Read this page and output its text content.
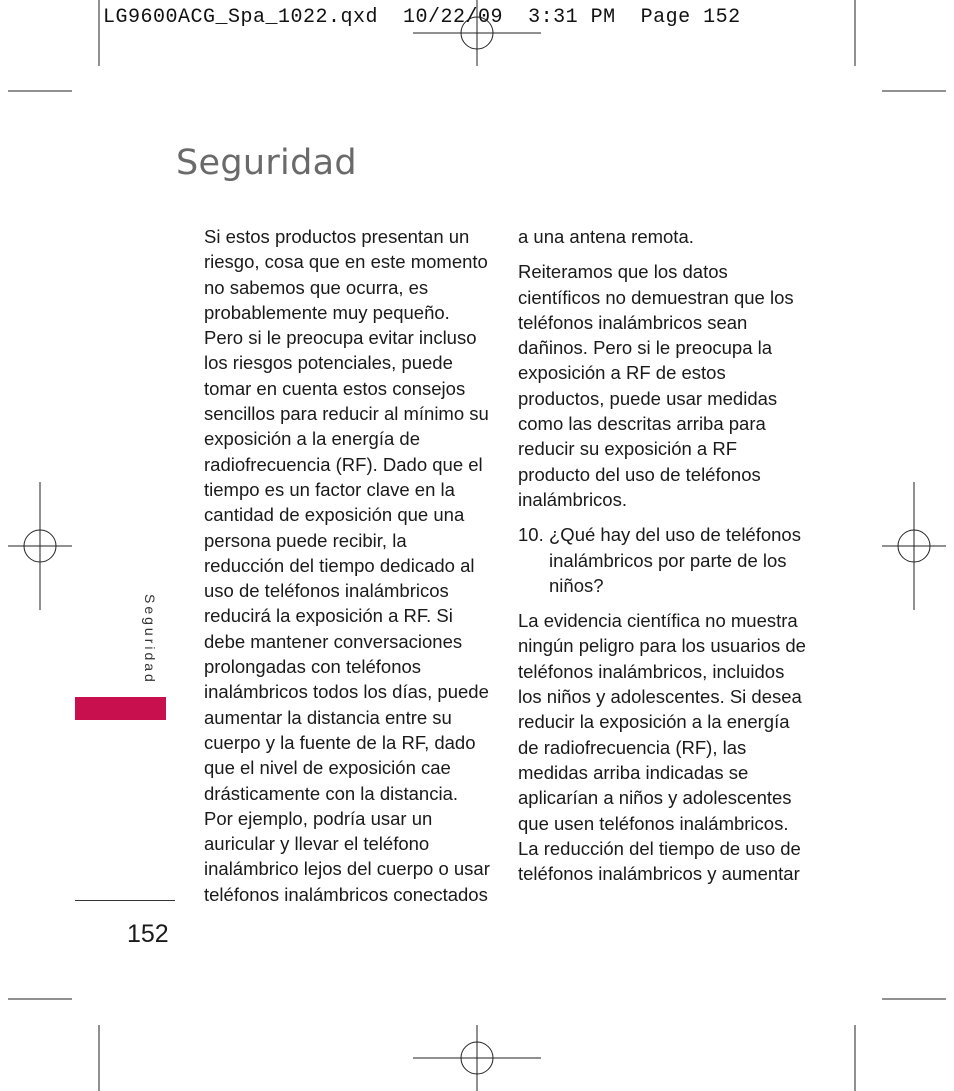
LG9600ACG_Spa_1022.qxd  10/22/09  3:31 PM  Page 152
Seguridad

Si estos productos presentan un riesgo, cosa que en este momento no sabemos que ocurra, es probablemente muy pequeño. Pero si le preocupa evitar incluso los riesgos potenciales, puede tomar en cuenta estos consejos sencillos para reducir al mínimo su exposición a la energía de radiofrecuencia (RF). Dado que el tiempo es un factor clave en la cantidad de exposición que una persona puede recibir, la reducción del tiempo dedicado al uso de teléfonos inalámbricos reducirá la exposición a RF. Si debe mantener conversaciones prolongadas con teléfonos inalámbricos todos los días, puede aumentar la distancia entre su cuerpo y la fuente de la RF, dado que el nivel de exposición cae drásticamente con la distancia. Por ejemplo, podría usar un auricular y llevar el teléfono inalámbrico lejos del cuerpo o usar teléfonos inalámbricos conectados

a una antena remota.

Reiteramos que los datos científicos no demuestran que los teléfonos inalámbricos sean dañinos. Pero si le preocupa la exposición a RF de estos productos, puede usar medidas como las descritas arriba para reducir su exposición a RF producto del uso de teléfonos inalámbricos.

10. ¿Qué hay del uso de teléfonos inalámbricos por parte de los niños?

La evidencia científica no muestra ningún peligro para los usuarios de teléfonos inalámbricos, incluidos los niños y adolescentes. Si desea reducir la exposición a la energía de radiofrecuencia (RF), las medidas arriba indicadas se aplicarían a niños y adolescentes que usen teléfonos inalámbricos. La reducción del tiempo de uso de teléfonos inalámbricos y aumentar

Seguridad
152
